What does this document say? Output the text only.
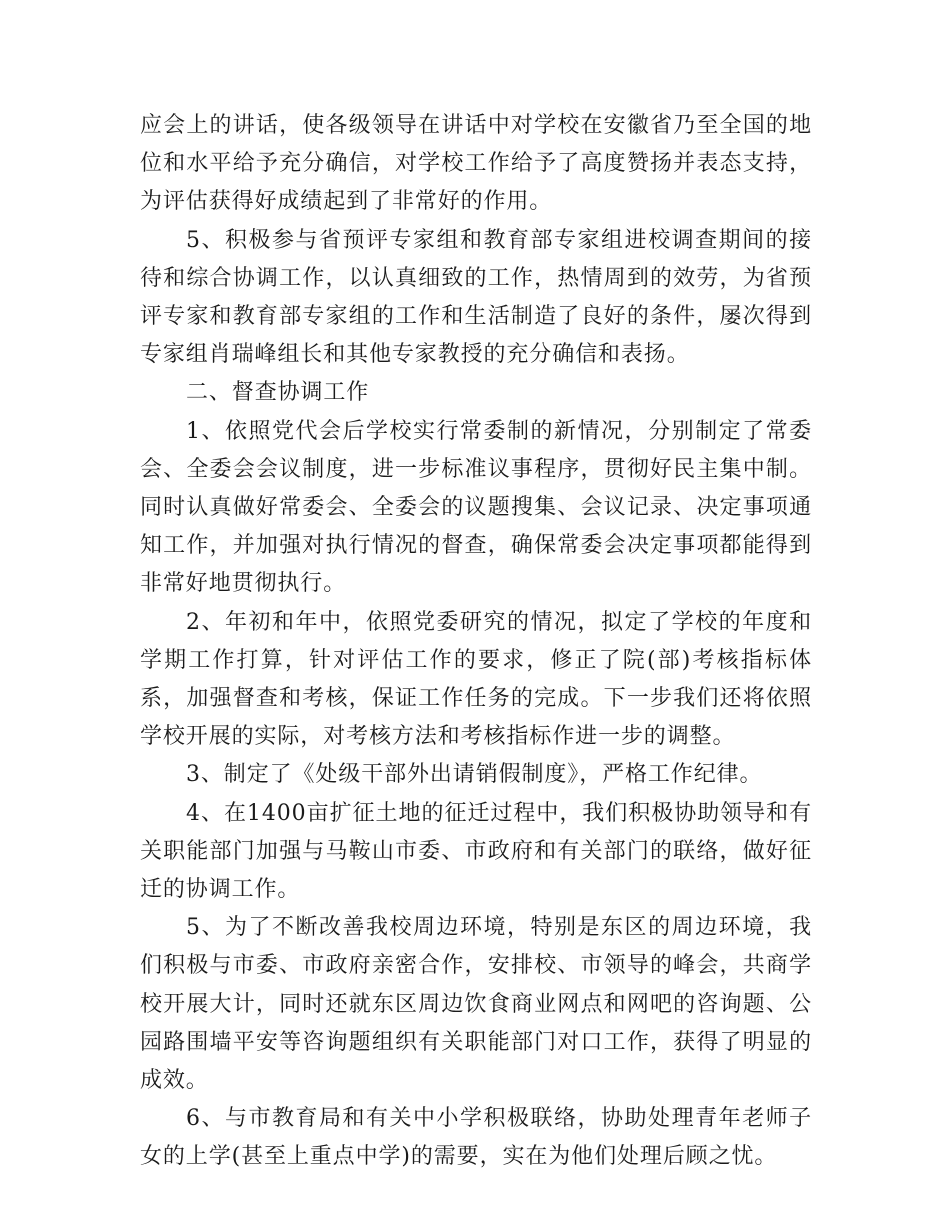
应会上的讲话，使各级领导在讲话中对学校在安徽省乃至全国的地位和水平给予充分确信，对学校工作给予了高度赞扬并表态支持，为评估获得好成绩起到了非常好的作用。

5、积极参与省预评专家组和教育部专家组进校调查期间的接待和综合协调工作，以认真细致的工作，热情周到的效劳，为省预评专家和教育部专家组的工作和生活制造了良好的条件，屡次得到专家组肖瑞峰组长和其他专家教授的充分确信和表扬。

二、督查协调工作

1、依照党代会后学校实行常委制的新情况，分别制定了常委会、全委会会议制度，进一步标准议事程序，贯彻好民主集中制。同时认真做好常委会、全委会的议题搜集、会议记录、决定事项通知工作，并加强对执行情况的督查，确保常委会决定事项都能得到非常好地贯彻执行。

2、年初和年中，依照党委研究的情况，拟定了学校的年度和学期工作打算，针对评估工作的要求，修正了院(部)考核指标体系，加强督查和考核，保证工作任务的完成。下一步我们还将依照学校开展的实际，对考核方法和考核指标作进一步的调整。

3、制定了《处级干部外出请销假制度》，严格工作纪律。

4、在1400亩扩征土地的征迁过程中，我们积极协助领导和有关职能部门加强与马鞍山市委、市政府和有关部门的联络，做好征迁的协调工作。

5、为了不断改善我校周边环境，特别是东区的周边环境，我们积极与市委、市政府亲密合作，安排校、市领导的峰会，共商学校开展大计，同时还就东区周边饮食商业网点和网吧的咨询题、公园路围墙平安等咨询题组织有关职能部门对口工作，获得了明显的成效。

6、与市教育局和有关中小学积极联络，协助处理青年老师子女的上学(甚至上重点中学)的需要，实在为他们处理后顾之忧。
